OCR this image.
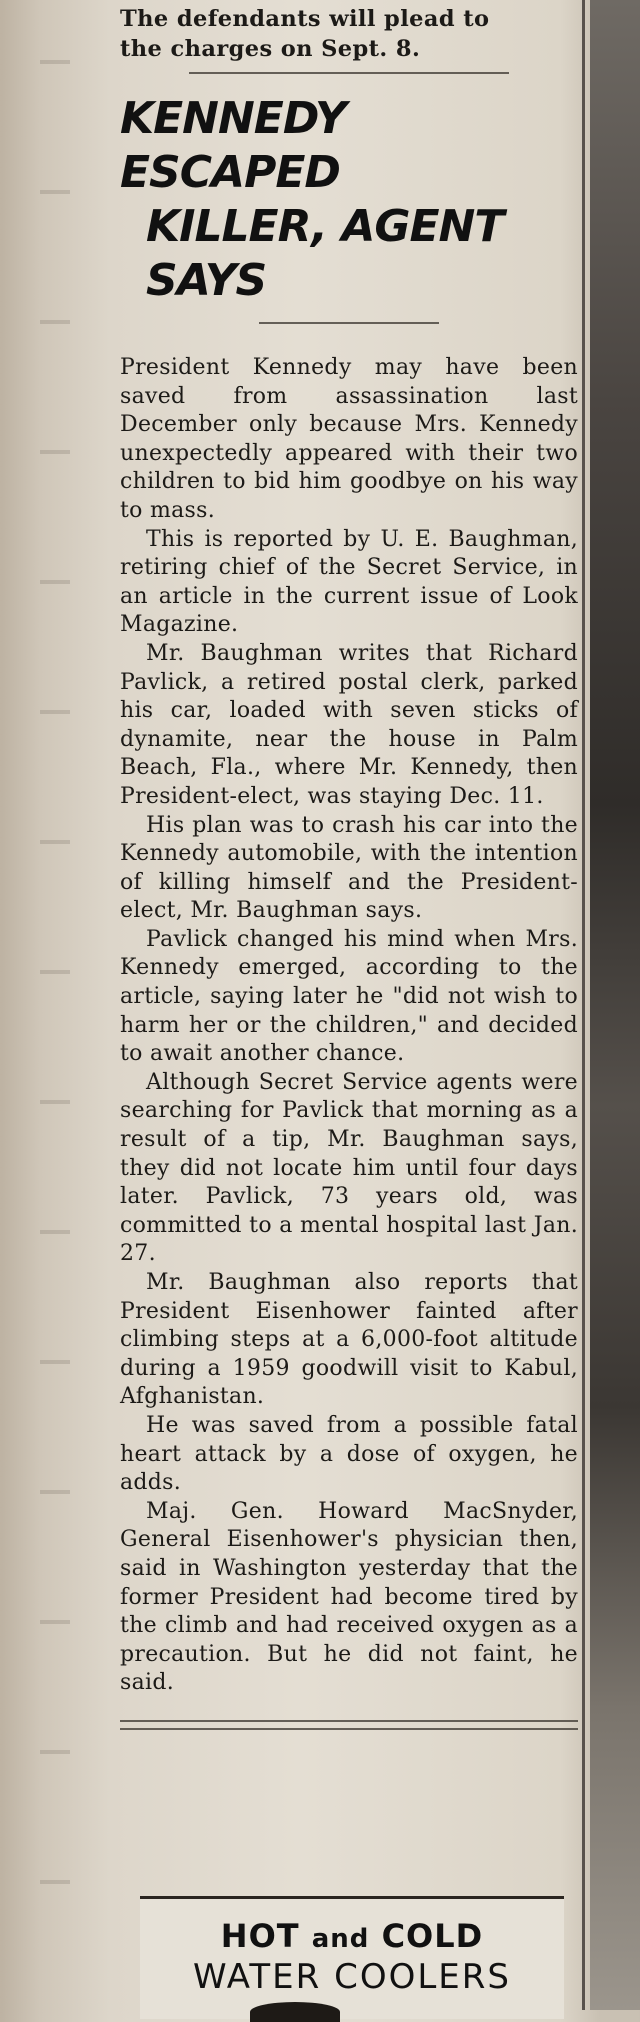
The defendants will plead to
the charges on Sept. 8.
KENNEDY ESCAPED
KILLER, AGENT SAYS

President Kennedy may have been saved from assassination last December only because Mrs. Kennedy unexpectedly appeared with their two children to bid him goodbye on his way to mass.

This is reported by U. E. Baughman, retiring chief of the Secret Service, in an article in the current issue of Look Magazine.

Mr. Baughman writes that Richard Pavlick, a retired postal clerk, parked his car, loaded with seven sticks of dynamite, near the house in Palm Beach, Fla., where Mr. Kennedy, then President-elect, was staying Dec. 11.

His plan was to crash his car into the Kennedy automobile, with the intention of killing himself and the President-elect, Mr. Baughman says.

Pavlick changed his mind when Mrs. Kennedy emerged, according to the article, saying later he "did not wish to harm her or the children," and decided to await another chance.

Although Secret Service agents were searching for Pavlick that morning as a result of a tip, Mr. Baughman says, they did not locate him until four days later. Pavlick, 73 years old, was committed to a mental hospital last Jan. 27.

Mr. Baughman also reports that President Eisenhower fainted after climbing steps at a 6,000-foot altitude during a 1959 goodwill visit to Kabul, Afghanistan.

He was saved from a possible fatal heart attack by a dose of oxygen, he adds.

Maj. Gen. Howard MacSnyder, General Eisenhower's physician then, said in Washington yesterday that the former President had become tired by the climb and had received oxygen as a precaution. But he did not faint, he said.

HOT and COLD
WATER COOLERS
